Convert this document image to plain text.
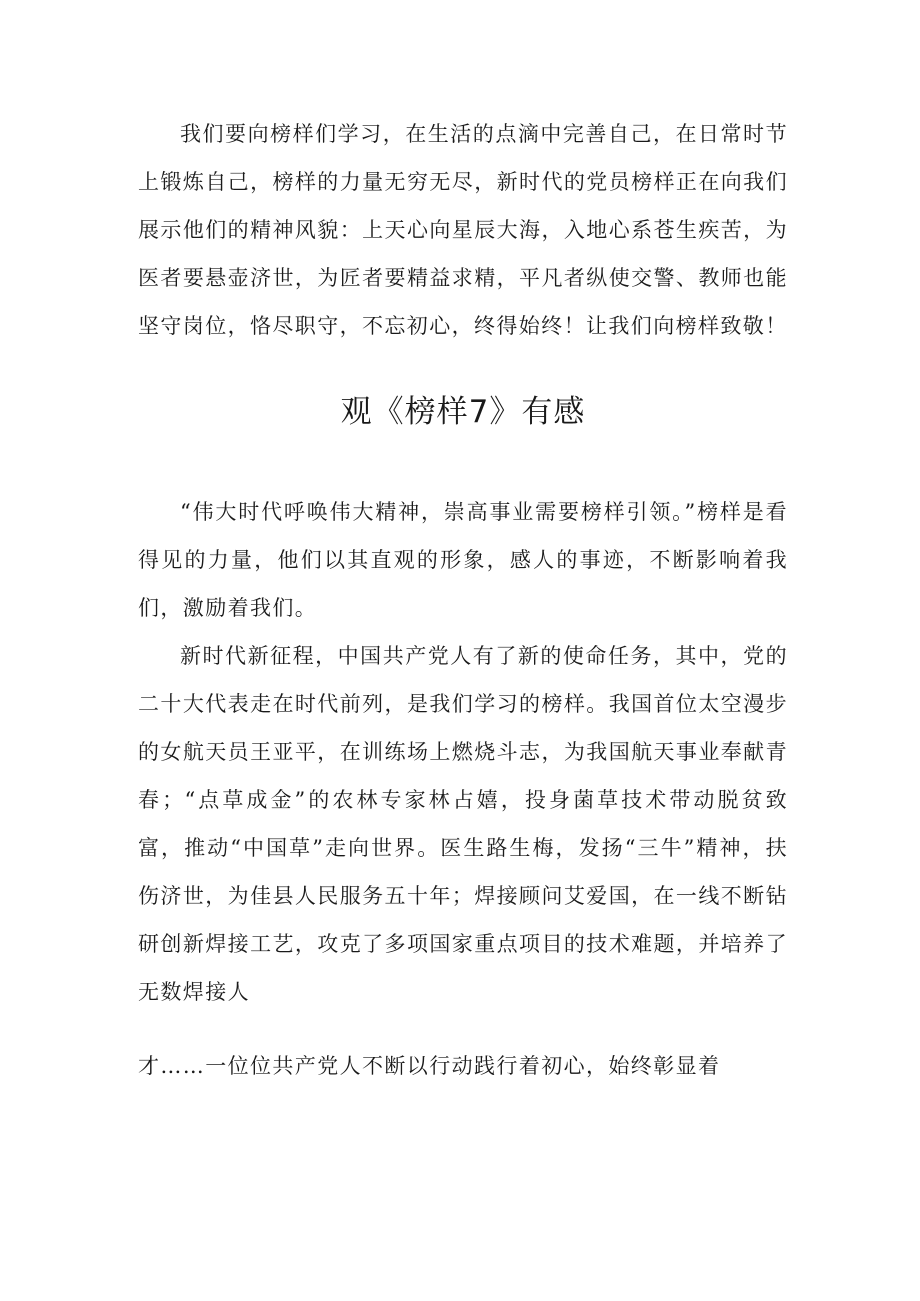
我们要向榜样们学习，在生活的点滴中完善自己，在日常时节上锻炼自己，榜样的力量无穷无尽，新时代的党员榜样正在向我们展示他们的精神风貌：上天心向星辰大海，入地心系苍生疾苦，为医者要悬壶济世，为匠者要精益求精，平凡者纵使交警、教师也能坚守岗位，恪尽职守，不忘初心，终得始终！让我们向榜样致敬！

观《榜样7》有感

“伟大时代呼唤伟大精神，崇高事业需要榜样引领。”榜样是看得见的力量，他们以其直观的形象，感人的事迹，不断影响着我们，激励着我们。

新时代新征程，中国共产党人有了新的使命任务，其中，党的二十大代表走在时代前列，是我们学习的榜样。我国首位太空漫步的女航天员王亚平，在训练场上燃烧斗志，为我国航天事业奉献青春；“点草成金”的农林专家林占嬉，投身菌草技术带动脱贫致富，推动“中国草”走向世界。医生路生梅，发扬“三牛”精神，扶伤济世，为佳县人民服务五十年；焊接顾问艾爱国，在一线不断钻研创新焊接工艺，攻克了多项国家重点项目的技术难题，并培养了无数焊接人

才……一位位共产党人不断以行动践行着初心，始终彰显着
